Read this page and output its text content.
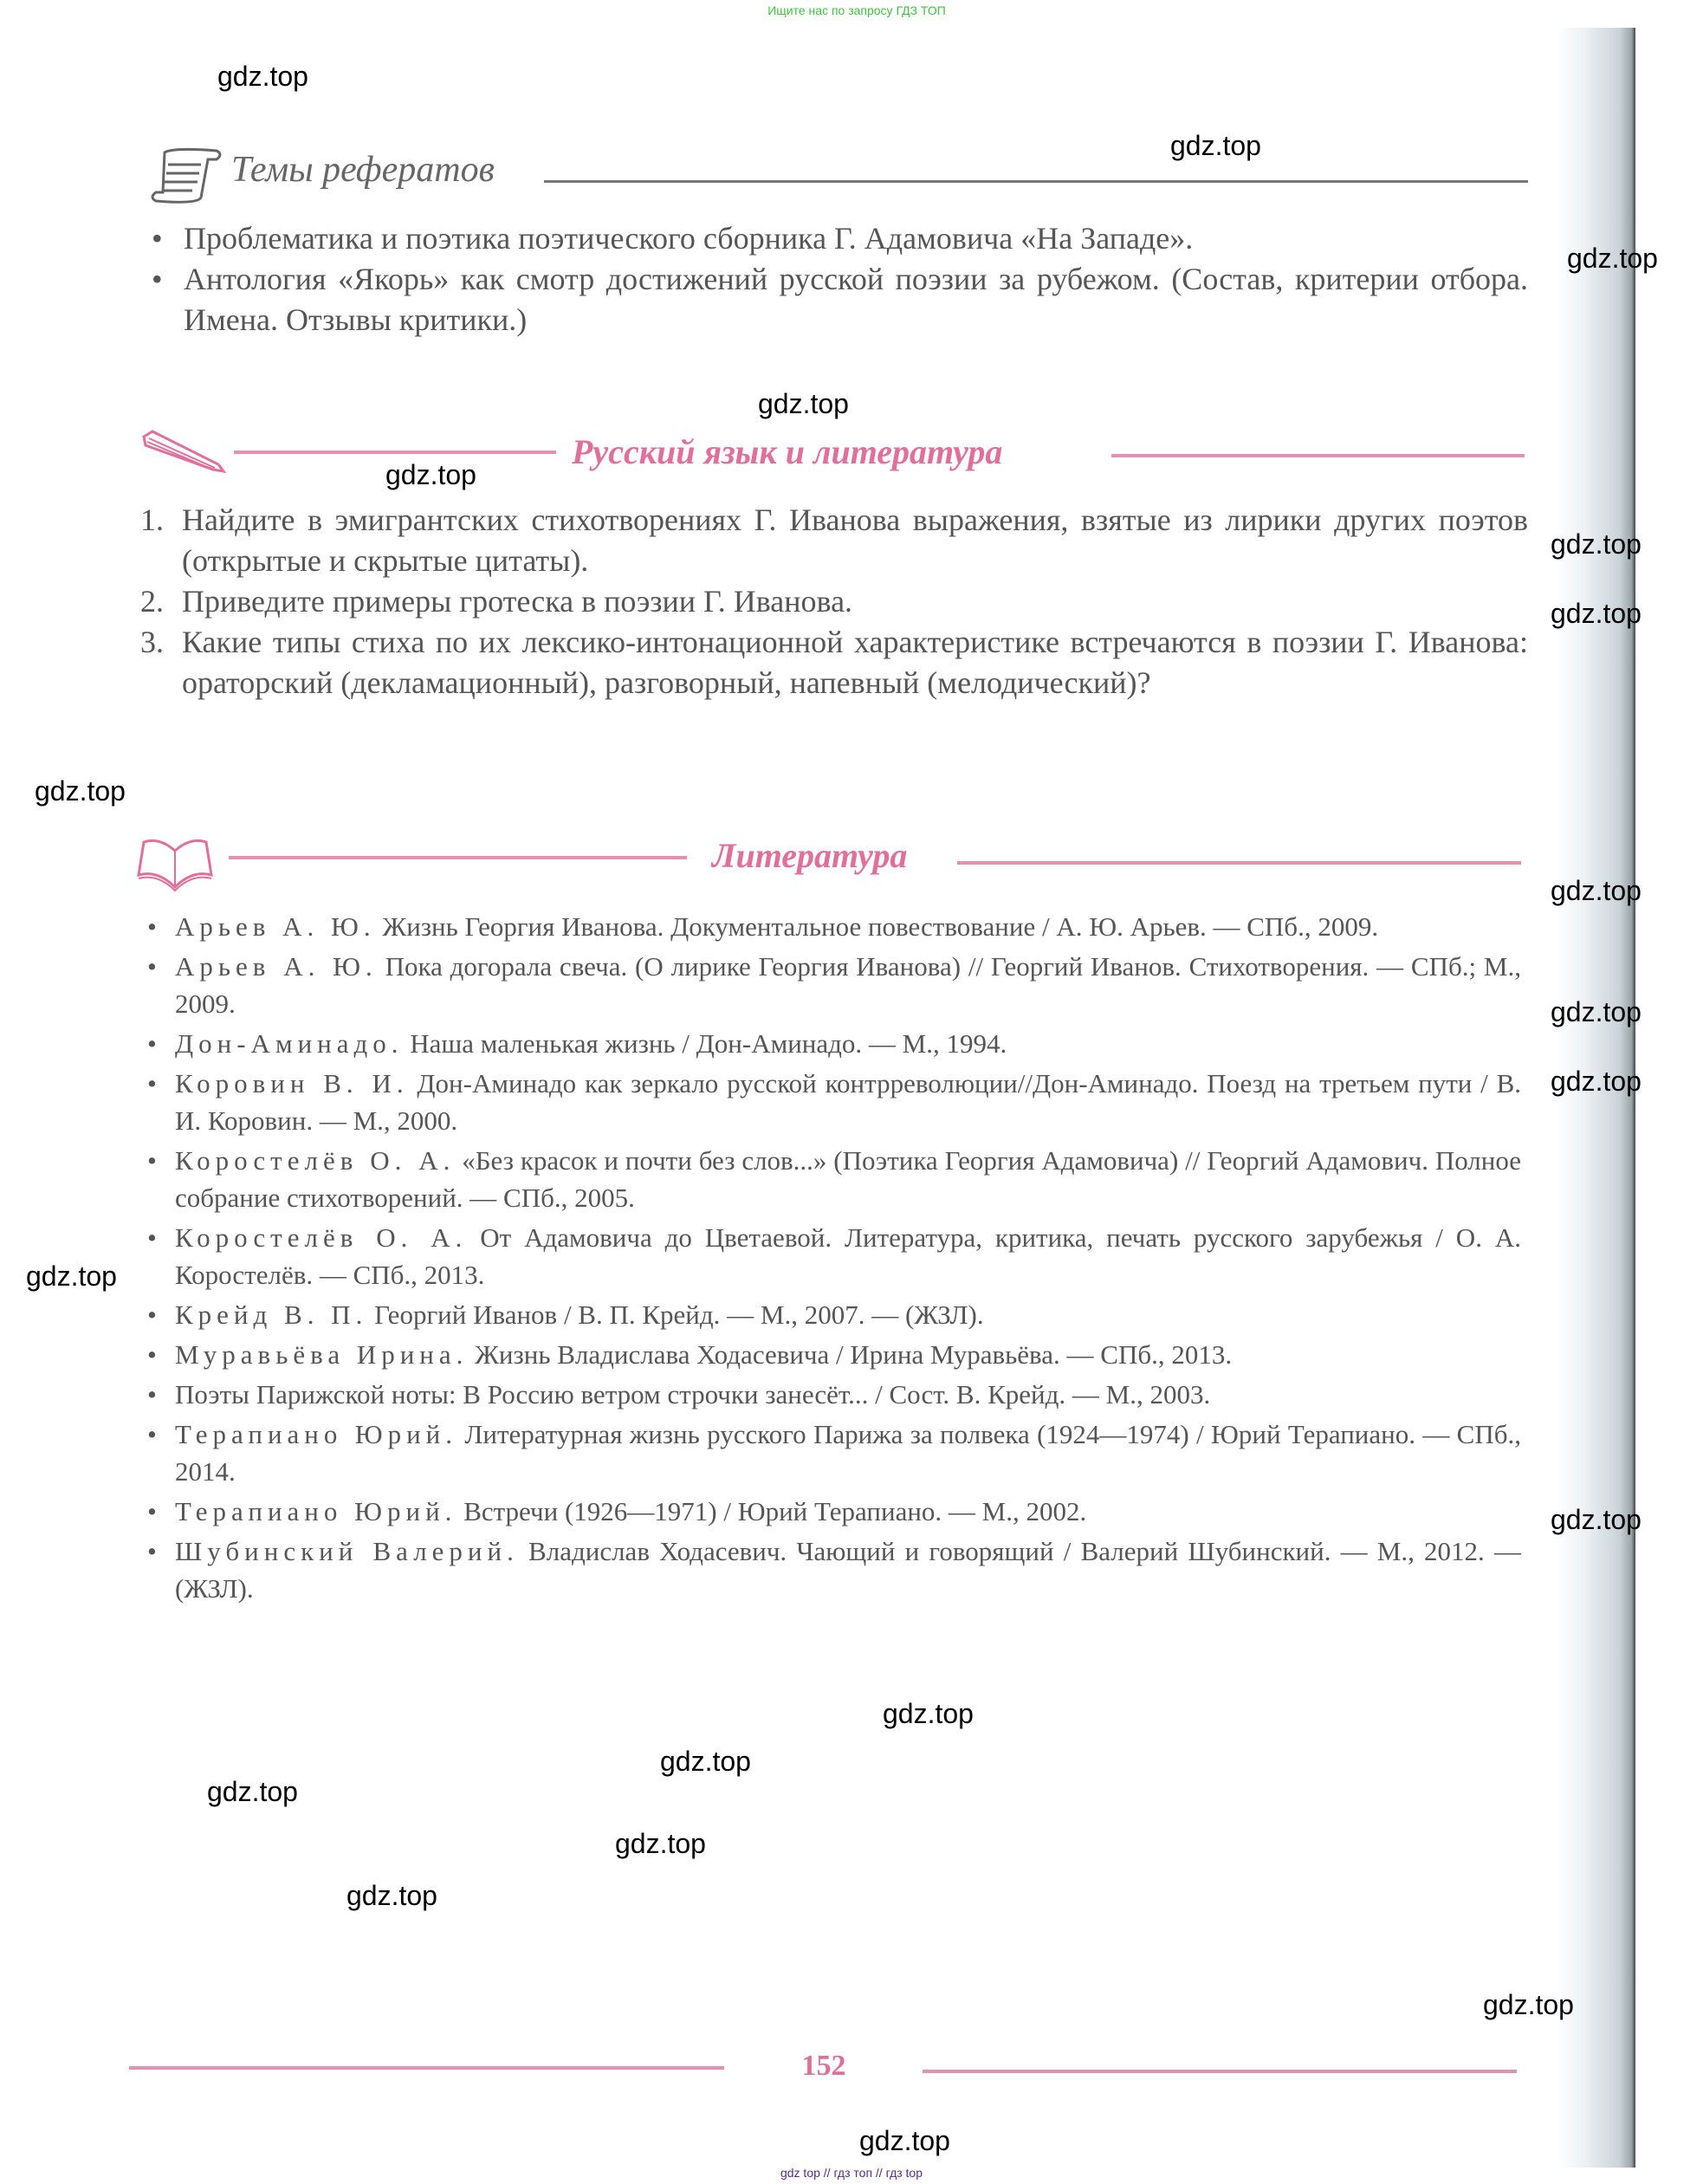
Ищите нас по запросу ГДЗ ТОП
Темы рефератов
• Проблематика и поэтика поэтического сборника Г. Адамовича «На Западе».
• Антология «Якорь» как смотр достижений русской поэзии за рубежом. (Состав, критерии отбора. Имена. Отзывы критики.)
Русский язык и литература
1. Найдите в эмигрантских стихотворениях Г. Иванова выражения, взятые из лирики других поэтов (открытые и скрытые цитаты).
2. Приведите примеры гротеска в поэзии Г. Иванова.
3. Какие типы стиха по их лексико-интонационной характеристике встречаются в поэзии Г. Иванова: ораторский (декламационный), разговорный, напевный (мелодический)?
Литература
• Арьев А. Ю. Жизнь Георгия Иванова. Документальное повествование / А. Ю. Арьев. — СПб., 2009.
• Арьев А. Ю. Пока догорала свеча. (О лирике Георгия Иванова) // Георгий Иванов. Стихотворения. — СПб.; М., 2009.
• Дон-Аминадо. Наша маленькая жизнь / Дон-Аминадо. — М., 1994.
• Коровин В. И. Дон-Аминадо как зеркало русской контрреволюции//Дон-Аминадо. Поезд на третьем пути / В. И. Коровин. — М., 2000.
• Коростелёв О. А. «Без красок и почти без слов...» (Поэтика Георгия Адамовича) // Георгий Адамович. Полное собрание стихотворений. — СПб., 2005.
• Коростелёв О. А. От Адамовича до Цветаевой. Литература, критика, печать русского зарубежья / О. А. Коростелёв. — СПб., 2013.
• Крейд В. П. Георгий Иванов / В. П. Крейд. — М., 2007. — (ЖЗЛ).
• Муравьёва Ирина. Жизнь Владислава Ходасевича / Ирина Муравьёва. — СПб., 2013.
• Поэты Парижской ноты: В Россию ветром строчки занесёт... / Сост. В. Крейд. — М., 2003.
• Терапиано Юрий. Литературная жизнь русского Парижа за полвека (1924—1974) / Юрий Терапиано. — СПб., 2014.
• Терапиано Юрий. Встречи (1926—1971) / Юрий Терапиано. — М., 2002.
• Шубинский Валерий. Владислав Ходасевич. Чающий и говорящий / Валерий Шубинский. — М., 2012. — (ЖЗЛ).
152
gdz top // гдз топ // гдз top
gdz.top
gdz.top
gdz.top
gdz.top
gdz.top
gdz.top
gdz.top
gdz.top
gdz.top
gdz.top
gdz.top
gdz.top
gdz.top
gdz.top
gdz.top
gdz.top
gdz.top
gdz.top
gdz.top
gdz.top
